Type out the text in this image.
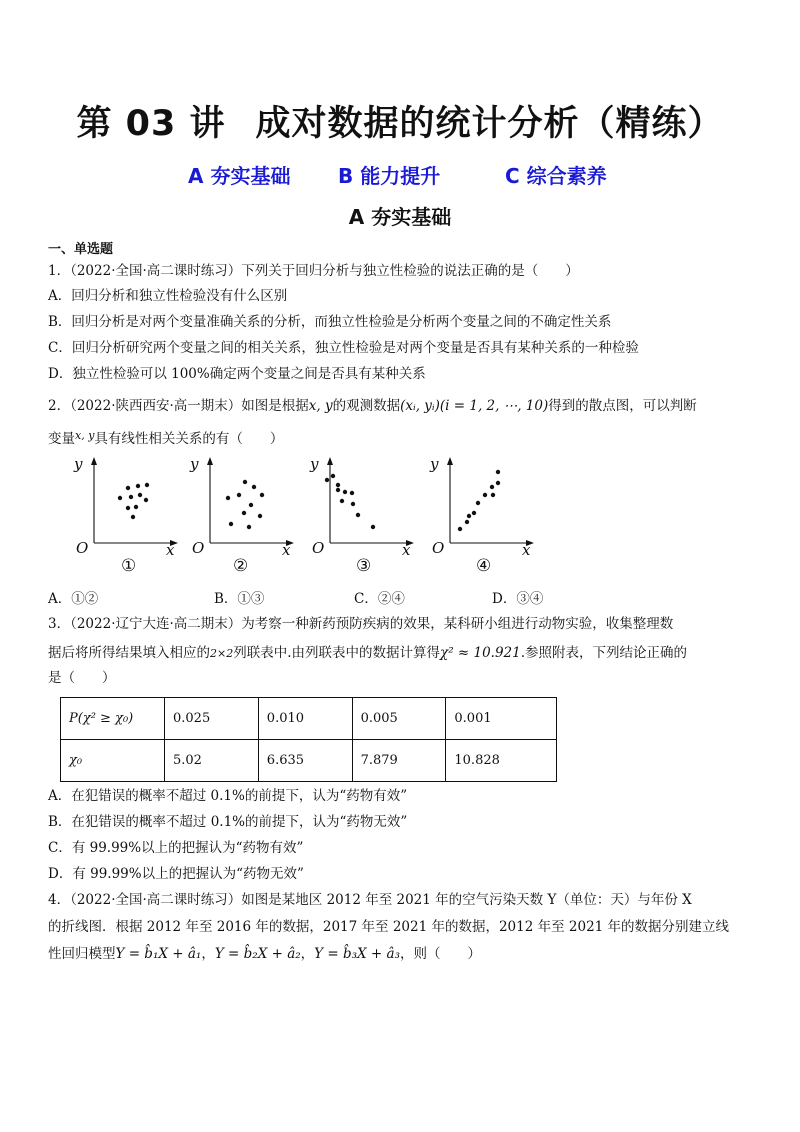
第 03 讲 成对数据的统计分析（精练）
A 夯实基础 B 能力提升	C 综合素养
A 夯实基础
一、单选题
1．（2022·全国·高二课时练习）下列关于回归分析与独立性检验的说法正确的是（　　）
A．回归分析和独立性检验没有什么区别
B．回归分析是对两个变量准确关系的分析，而独立性检验是分析两个变量之间的不确定性关系
C．回归分析研究两个变量之间的相关关系，独立性检验是对两个变量是否具有某种关系的一种检验
D．独立性检验可以 100%确定两个变量之间是否具有某种关系
2．（2022·陕西西安·高一期末）如图是根据x, y的观测数据(xᵢ, yᵢ)(i = 1, 2, ⋯, 10)得到的散点图，可以判断
变量$^{x, y}$具有线性相关关系的有（　　）
y
x
O
y
x
O
y
x
O
y
x
O
①	②	③	④
A．①②	B．①③	C．②④	D．③④
3．（2022·辽宁大连·高二期末）为考察一种新药预防疾病的效果，某科研小组进行动物实验，收集整理数
据后将所得结果填入相应的2×2列联表中.由列联表中的数据计算得χ² ≈ 10.921.参照附表，下列结论正确的
是（　　）
P(χ² ≥ χ₀)	0.025	0.010	0.005	0.001
χ₀	5.02	6.635	7.879	10.828
A．在犯错误的概率不超过 0.1%的前提下，认为“药物有效”
B．在犯错误的概率不超过 0.1%的前提下，认为“药物无效”
C．有 99.99%以上的把握认为“药物有效”
D．有 99.99%以上的把握认为“药物无效”
4．（2022·全国·高二课时练习）如图是某地区 2012 年至 2021 年的空气污染天数 Y（单位：天）与年份 X
的折线图．根据 2012 年至 2016 年的数据，2017 年至 2021 年的数据，2012 年至 2021 年的数据分别建立线
性回归模型Y = b̂₁X + â₁，Y = b̂₂X + â₂，Y = b̂₃X + â₃，则（　　）
